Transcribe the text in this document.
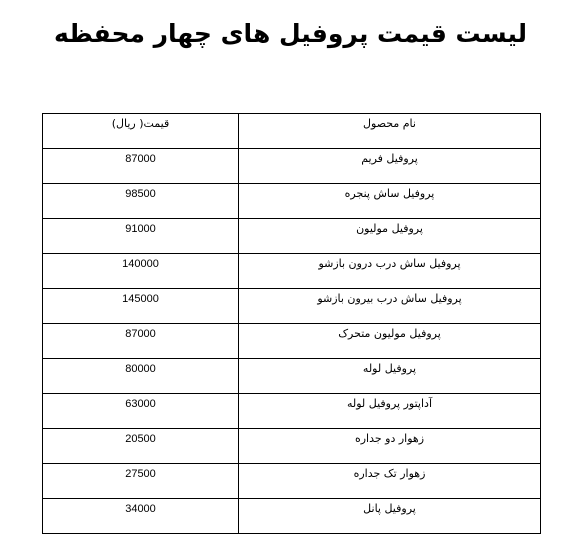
لیست قیمت پروفیل های چهار محفظه
قیمت( ریال)	نام محصول
87000	پروفیل فریم
98500	پروفیل ساش پنجره
91000	پروفیل مولیون
140000	پروفیل ساش درب درون بازشو
145000	پروفیل ساش درب بیرون بازشو
87000	پروفیل مولیون متحرک
80000	پروفیل لوله
63000	آداپتور پروفیل لوله
20500	زهوار دو جداره
27500	زهوار تک جداره
34000	پروفیل پانل
